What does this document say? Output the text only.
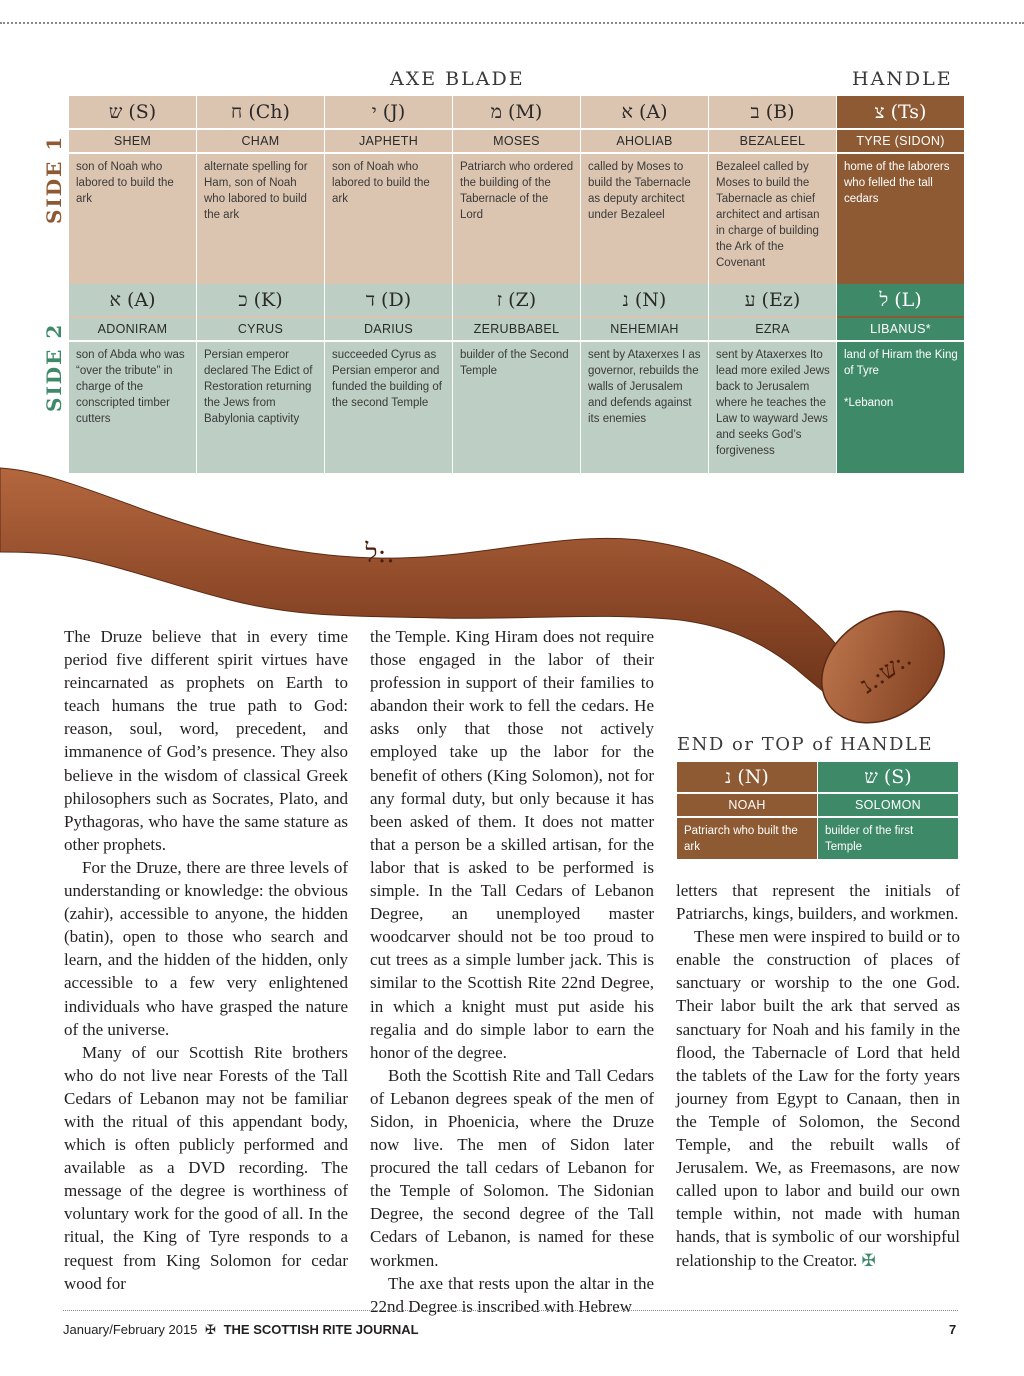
AXE BLADE	HANDLE
SIDE 1
SIDE 2
ש (S)
SHEM
son of Noah who labored to build the ark
ח (Ch)
CHAM
alternate spelling for Ham, son of Noah who labored to build the ark
י (J)
JAPHETH
son of Noah who labored to build the ark
מ (M)
MOSES
Patriarch who ordered the building of the Tabernacle of the Lord
א (A)
AHOLIAB
called by Moses to build the Tabernacle as deputy architect under Bezaleel
ב (B)
BEZALEEL
Bezaleel called by Moses to build the Tabernacle as chief architect and artisan in charge of building the Ark of the Covenant
צ (Ts)
TYRE (SIDON)
home of the laborers who felled the tall cedars
א (A)
ADONIRAM
son of Abda who was “over the tribute” in charge of the conscripted timber cutters
כ (K)
CYRUS
Persian emperor declared The Edict of Restoration returning the Jews from Babylonia captivity
ד (D)
DARIUS
succeeded Cyrus as Persian emperor and funded the building of the second Temple
ז (Z)
ZERUBBABEL
builder of the Second Temple
נ (N)
NEHEMIAH
sent by Ataxerxes I as governor, rebuilds the walls of Jerusalem and defends against its enemies
ע (Ez)
EZRA
sent by Ataxerxes Ito lead more exiled Jews back to Jerusalem where he teaches the Law to wayward Jews and seeks God’s forgiveness
ל (L)
LIBANUS*
land of Hiram the King of Tyre

*Lebanon
ל:.
ש:.נ:.

The Druze believe that in every time period five different spirit virtues have reincarnated as prophets on Earth to teach humans the true path to God: reason, soul, word, precedent, and immanence of God’s presence. They also believe in the wisdom of classical Greek philosophers such as Socrates, Plato, and Pythagoras, who have the same stature as other prophets.

For the Druze, there are three levels of understanding or knowledge: the obvious (zahir), accessible to anyone, the hidden (batin), open to those who search and learn, and the hidden of the hidden, only accessible to a few very enlightened individuals who have grasped the nature of the universe.

Many of our Scottish Rite brothers who do not live near Forests of the Tall Cedars of Lebanon may not be familiar with the ritual of this appendant body, which is often publicly performed and available as a DVD recording. The message of the degree is worthiness of voluntary work for the good of all. In the ritual, the King of Tyre responds to a request from King Solomon for cedar wood for

the Temple. King Hiram does not require those engaged in the labor of their profession in support of their families to abandon their work to fell the cedars. He asks only that those not actively employed take up the labor for the benefit of others (King Solomon), not for any formal duty, but only because it has been asked of them. It does not matter that a person be a skilled artisan, for the labor that is asked to be performed is simple. In the Tall Cedars of Lebanon Degree, an unemployed master woodcarver should not be too proud to cut trees as a simple lumber jack. This is similar to the Scottish Rite 22nd Degree, in which a knight must put aside his regalia and do simple labor to earn the honor of the degree.

Both the Scottish Rite and Tall Cedars of Lebanon degrees speak of the men of Sidon, in Phoenicia, where the Druze now live. The men of Sidon later procured the tall cedars of Lebanon for the Temple of Solomon. The Sidonian Degree, the second degree of the Tall Cedars of Lebanon, is named for these workmen.

The axe that rests upon the altar in the 22nd Degree is inscribed with Hebrew

END or TOP of HANDLE
נ (N)
NOAH
Patriarch who built the ark
ש (S)
SOLOMON
builder of the first Temple

letters that represent the initials of Patriarchs, kings, builders, and workmen.

These men were inspired to build or to enable the construction of places of sanctuary or worship to the one God. Their labor built the ark that served as sanctuary for Noah and his family in the flood, the Tabernacle of Lord that held the tablets of the Law for the forty years journey from Egypt to Canaan, then in the Temple of Solomon, the Second Temple, and the rebuilt walls of Jerusalem. We, as Freemasons, are now called upon to labor and build our own temple within, not made with human hands, that is symbolic of our worshipful relationship to the Creator. ✠

January/February 2015 ✠ THE SCOTTISH RITE JOURNAL	7
